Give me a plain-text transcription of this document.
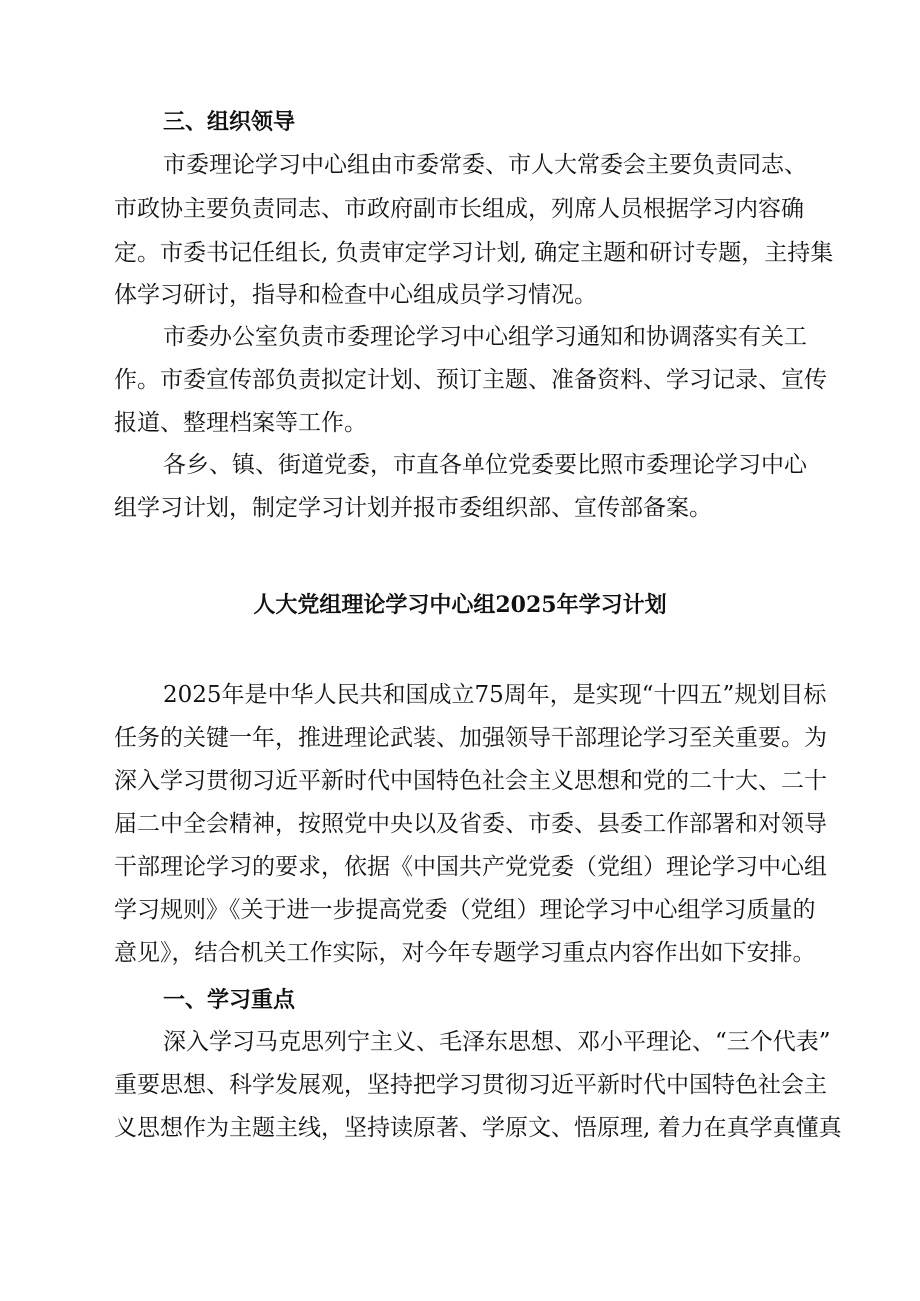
三、组织领导
市委理论学习中心组由市委常委、市人大常委会主要负责同志、
市政协主要负责同志、市政府副市长组成，列席人员根据学习内容确
定。市委书记任组长, 负责审定学习计划, 确定主题和研讨专题，主持集
体学习研讨，指导和检查中心组成员学习情况。
市委办公室负责市委理论学习中心组学习通知和协调落实有关工
作。市委宣传部负责拟定计划、预订主题、准备资料、学习记录、宣传
报道、整理档案等工作。
各乡、镇、街道党委，市直各单位党委要比照市委理论学习中心
组学习计划，制定学习计划并报市委组织部、宣传部备案。
人大党组理论学习中心组2025年学习计划
2025年是中华人民共和国成立75周年，是实现“十四五”规划目标
任务的关键一年，推进理论武装、加强领导干部理论学习至关重要。为
深入学习贯彻习近平新时代中国特色社会主义思想和党的二十大、二十
届二中全会精神，按照党中央以及省委、市委、县委工作部署和对领导
干部理论学习的要求，依据《中国共产党党委（党组）理论学习中心组
学习规则》《关于进一步提高党委（党组）理论学习中心组学习质量的
意见》，结合机关工作实际，对今年专题学习重点内容作出如下安排。
一、学习重点
深入学习马克思列宁主义、毛泽东思想、邓小平理论、“三个代表”
重要思想、科学发展观，坚持把学习贯彻习近平新时代中国特色社会主
义思想作为主题主线，坚持读原著、学原文、悟原理, 着力在真学真懂真
